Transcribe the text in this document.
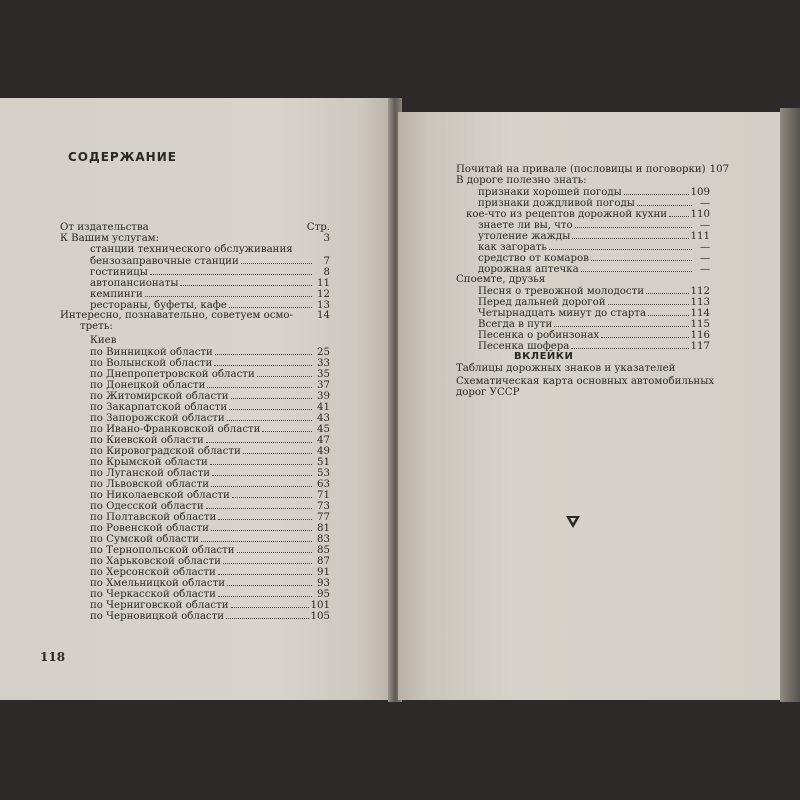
СОДЕРЖАНИЕ
От издательства	Стр.
К Вашим услугам:	3
станции технического обслуживания
бензозаправочные станции	7
гостиницы	8
автопансионаты	11
кемпинги	12
рестораны, буфеты, кафе	13
Интересно, познавательно, советуем осмо- 14
треть:
Киев
по Винницкой области	25
по Волынской области	33
по Днепропетровской области	35
по Донецкой области	37
по Житомирской области	39
по Закарпатской области	41
по Запорожской области	43
по Ивано-Франковской области	45
по Киевской области	47
по Кировоградской области	49
по Крымской области	51
по Луганской области	53
по Львовской области	63
по Николаевской области	71
по Одесской области	73
по Полтавской области	77
по Ровенской области	81
по Сумской области	83
по Тернопольской области	85
по Харьковской области	87
по Херсонской области	91
по Хмельницкой области	93
по Черкасской области	95
по Черниговской области	101
по Черновицкой области	105
118
Почитай на привале (пословицы и поговорки) 107
В дороге полезно знать:
признаки хорошей погоды	109
признаки дождливой погоды	—
кое-что из рецептов дорожной кухни 110
знаете ли вы, что	—
утоление жажды	111
как загорать	—
средство от комаров	—
дорожная аптечка	—
Споемте, друзья
Песня о тревожной молодости	112
Перед дальней дорогой	113
Четырнадцать минут до старта	114
Всегда в пути	115
Песенка о робинзонах	116
Песенка шофера	117
ВКЛЕЙКИ
Таблицы дорожных знаков и указателей
Схематическая карта основных автомобильных
дорог УССР
